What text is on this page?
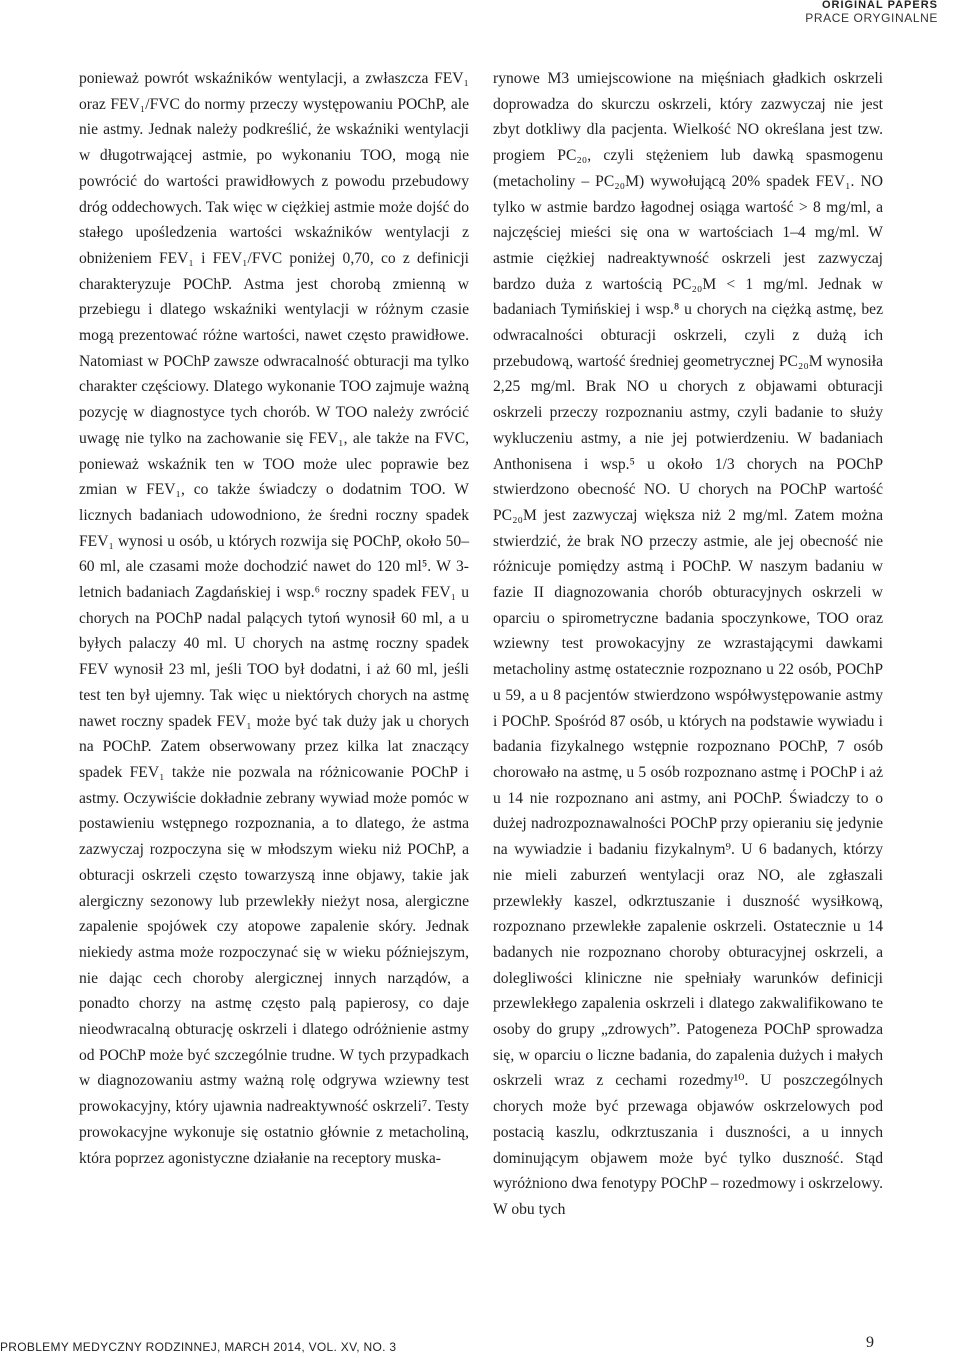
ORIGINAL PAPERS
PRACE ORYGINALNE

ponieważ powrót wskaźników wentylacji, a zwłaszcza FEV₁ oraz FEV₁/FVC do normy przeczy występowaniu POChP, ale nie astmy. Jednak należy podkreślić, że wskaźniki wentylacji w długotrwającej astmie, po wykonaniu TOO, mogą nie powrócić do wartości prawidłowych z powodu przebudowy dróg oddechowych. Tak więc w ciężkiej astmie może dojść do stałego upośledzenia wartości wskaźników wentylacji z obniżeniem FEV₁ i FEV₁/FVC poniżej 0,70, co z definicji charakteryzuje POChP. Astma jest chorobą zmienną w przebiegu i dlatego wskaźniki wentylacji w różnym czasie mogą prezentować różne wartości, nawet często prawidłowe. Natomiast w POChP zawsze odwracalność obturacji ma tylko charakter częściowy. Dlatego wykonanie TOO zajmuje ważną pozycję w diagnostyce tych chorób. W TOO należy zwrócić uwagę nie tylko na zachowanie się FEV₁, ale także na FVC, ponieważ wskaźnik ten w TOO może ulec poprawie bez zmian w FEV₁, co także świadczy o dodatnim TOO. W licznych badaniach udowodniono, że średni roczny spadek FEV₁ wynosi u osób, u których rozwija się POChP, około 50–60 ml, ale czasami może dochodzić nawet do 120 ml⁵. W 3-letnich badaniach Zagdańskiej i wsp.⁶ roczny spadek FEV₁ u chorych na POChP nadal palących tytoń wynosił 60 ml, a u byłych palaczy 40 ml. U chorych na astmę roczny spadek FEV wynosił 23 ml, jeśli TOO był dodatni, i aż 60 ml, jeśli test ten był ujemny. Tak więc u niektórych chorych na astmę nawet roczny spadek FEV₁ może być tak duży jak u chorych na POChP. Zatem obserwowany przez kilka lat znaczący spadek FEV₁ także nie pozwala na różnicowanie POChP i astmy. Oczywiście dokładnie zebrany wywiad może pomóc w postawieniu wstępnego rozpoznania, a to dlatego, że astma zazwyczaj rozpoczyna się w młodszym wieku niż POChP, a obturacji oskrzeli często towarzyszą inne objawy, takie jak alergiczny sezonowy lub przewlekły nieżyt nosa, alergiczne zapalenie spojówek czy atopowe zapalenie skóry. Jednak niekiedy astma może rozpoczynać się w wieku późniejszym, nie dając cech choroby alergicznej innych narządów, a ponadto chorzy na astmę często palą papierosy, co daje nieodwracalną obturację oskrzeli i dlatego odróżnienie astmy od POChP może być szczególnie trudne. W tych przypadkach w diagnozowaniu astmy ważną rolę odgrywa wziewny test prowokacyjny, który ujawnia nadreaktywność oskrzeli⁷. Testy prowokacyjne wykonuje się ostatnio głównie z metacholiną, która poprzez agonistyczne działanie na receptory muska-

rynowe M3 umiejscowione na mięśniach gładkich oskrzeli doprowadza do skurczu oskrzeli, który zazwyczaj nie jest zbyt dotkliwy dla pacjenta. Wielkość NO określana jest tzw. progiem PC₂₀, czyli stężeniem lub dawką spasmogenu (metacholiny – PC₂₀M) wywołującą 20% spadek FEV₁. NO tylko w astmie bardzo łagodnej osiąga wartość > 8 mg/ml, a najczęściej mieści się ona w wartościach 1–4 mg/ml. W astmie ciężkiej nadreaktywność oskrzeli jest zazwyczaj bardzo duża z wartością PC₂₀M < 1 mg/ml. Jednak w badaniach Tymińskiej i wsp.⁸ u chorych na ciężką astmę, bez odwracalności obturacji oskrzeli, czyli z dużą ich przebudową, wartość średniej geometrycznej PC₂₀M wynosiła 2,25 mg/ml. Brak NO u chorych z objawami obturacji oskrzeli przeczy rozpoznaniu astmy, czyli badanie to służy wykluczeniu astmy, a nie jej potwierdzeniu. W badaniach Anthonisena i wsp.⁵ u około 1/3 chorych na POChP stwierdzono obecność NO. U chorych na POChP wartość PC₂₀M jest zazwyczaj większa niż 2 mg/ml. Zatem można stwierdzić, że brak NO przeczy astmie, ale jej obecność nie różnicuje pomiędzy astmą i POChP. W naszym badaniu w fazie II diagnozowania chorób obturacyjnych oskrzeli w oparciu o spirometryczne badania spoczynkowe, TOO oraz wziewny test prowokacyjny ze wzrastającymi dawkami metacholiny astmę ostatecznie rozpoznano u 22 osób, POChP u 59, a u 8 pacjentów stwierdzono współwystępowanie astmy i POChP. Spośród 87 osób, u których na podstawie wywiadu i badania fizykalnego wstępnie rozpoznano POChP, 7 osób chorowało na astmę, u 5 osób rozpoznano astmę i POChP i aż u 14 nie rozpoznano ani astmy, ani POChP. Świadczy to o dużej nadrozpoznawalności POChP przy opieraniu się jedynie na wywiadzie i badaniu fizykalnym⁹. U 6 badanych, którzy nie mieli zaburzeń wentylacji oraz NO, ale zgłaszali przewlekły kaszel, odkrztuszanie i duszność wysiłkową, rozpoznano przewlekłe zapalenie oskrzeli. Ostatecznie u 14 badanych nie rozpoznano choroby obturacyjnej oskrzeli, a dolegliwości kliniczne nie spełniały warunków definicji przewlekłego zapalenia oskrzeli i dlatego zakwalifikowano te osoby do grupy „zdrowych”. Patogeneza POChP sprowadza się, w oparciu o liczne badania, do zapalenia dużych i małych oskrzeli wraz z cechami rozedmy¹⁰. U poszczególnych chorych może być przewaga objawów oskrzelowych pod postacią kaszlu, odkrztuszania i duszności, a u innych dominującym objawem może być tylko duszność. Stąd wyróżniono dwa fenotypy POChP – rozedmowy i oskrzelowy. W obu tych

PROBLEMY MEDYCZNY RODZINNEJ, MARCH 2014, VOL. XV, NO. 3	9
